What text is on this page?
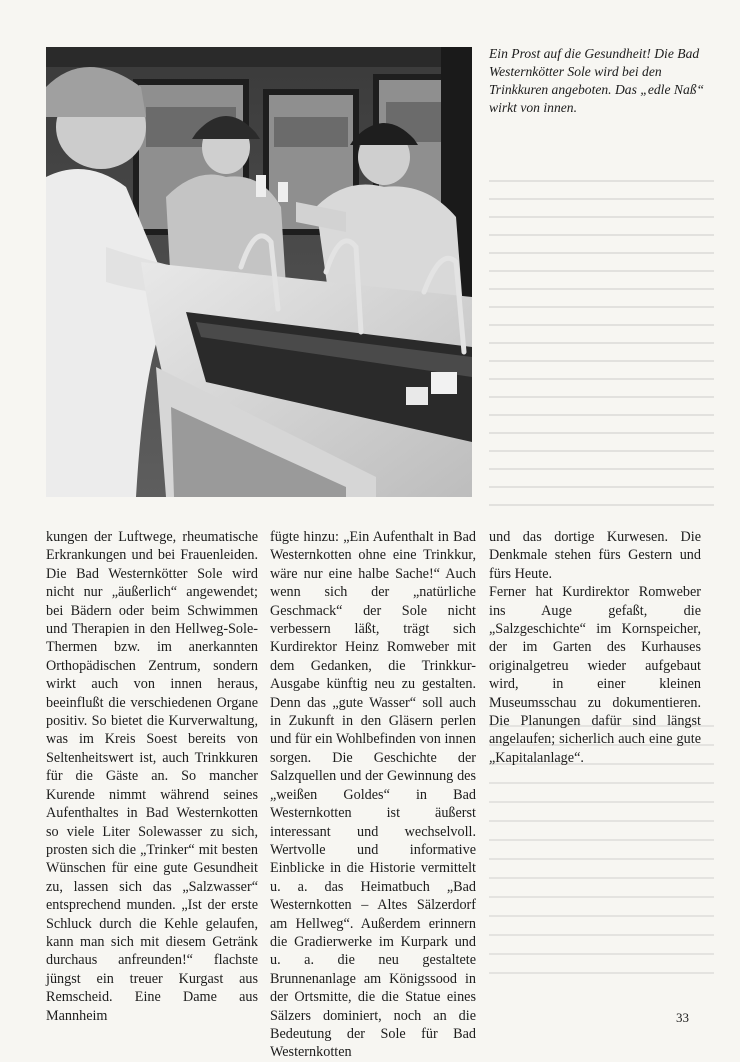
Ein Prost auf die Gesundheit! Die Bad Westernkötter Sole wird bei den Trinkkuren angeboten. Das „edle Naß“ wirkt von innen.

kungen der Luftwege, rheumatische Erkrankungen und bei Frauenleiden. Die Bad Westernkötter Sole wird nicht nur „äußerlich“ angewendet; bei Bädern oder beim Schwimmen und Therapien in den Hellweg-Sole-Thermen bzw. im anerkannten Orthopädischen Zentrum, sondern wirkt auch von innen heraus, beeinflußt die verschiedenen Organe positiv. So bietet die Kurverwaltung, was im Kreis Soest bereits von Seltenheitswert ist, auch Trinkkuren für die Gäste an. So mancher Kurende nimmt während seines Aufenthaltes in Bad Westernkotten so viele Liter Solewasser zu sich, prosten sich die „Trinker“ mit besten Wünschen für eine gute Gesundheit zu, lassen sich das „Salzwasser“ entsprechend munden. „Ist der erste Schluck durch die Kehle gelaufen, kann man sich mit diesem Getränk durchaus anfreunden!“ flachste jüngst ein treuer Kurgast aus Remscheid. Eine Dame aus Mannheim

fügte hinzu: „Ein Aufenthalt in Bad Westernkotten ohne eine Trinkkur, wäre nur eine halbe Sache!“ Auch wenn sich der „natürliche Geschmack“ der Sole nicht verbessern läßt, trägt sich Kurdirektor Heinz Romweber mit dem Gedanken, die Trinkkur-Ausgabe künftig neu zu gestalten. Denn das „gute Wasser“ soll auch in Zukunft in den Gläsern perlen und für ein Wohlbefinden von innen sorgen. Die Geschichte der Salzquellen und der Gewinnung des „weißen Goldes“ in Bad Westernkotten ist äußerst interessant und wechselvoll. Wertvolle und informative Einblicke in die Historie vermittelt u. a. das Heimatbuch „Bad Westernkotten – Altes Sälzerdorf am Hellweg“. Außerdem erinnern die Gradierwerke im Kurpark und u. a. die neu gestaltete Brunnenanlage am Königssood in der Ortsmitte, die die Statue eines Sälzers dominiert, noch an die Bedeutung der Sole für Bad Westernkotten

und das dortige Kurwesen. Die Denkmale stehen fürs Gestern und fürs Heute.

Ferner hat Kurdirektor Romweber ins Auge gefaßt, die „Salzgeschichte“ im Kornspeicher, der im Garten des Kurhauses originalgetreu wieder aufgebaut wird, in einer kleinen Museumsschau zu dokumentieren. Die Planungen dafür sind längst angelaufen; sicherlich auch eine gute „Kapitalanlage“.

33
